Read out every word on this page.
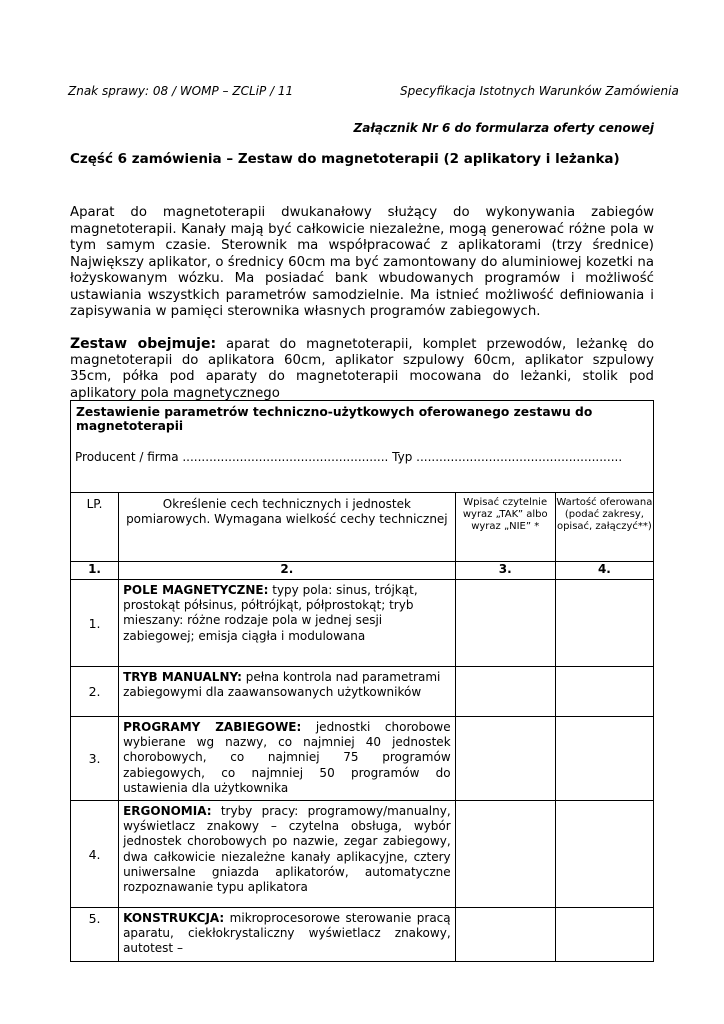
Znak sprawy: 08 / WOMP – ZCLiP / 11	Specyfikacja Istotnych Warunków Zamówienia

Załącznik Nr 6 do formularza oferty cenowej

Część 6 zamówienia – Zestaw do magnetoterapii (2 aplikatory i leżanka)

Aparat do magnetoterapii dwukanałowy służący do wykonywania zabiegów magnetoterapii. Kanały mają być całkowicie niezależne, mogą generować różne pola w tym samym czasie. Sterownik ma współpracować z aplikatorami (trzy średnice) Największy aplikator, o średnicy 60cm ma być zamontowany do aluminiowej kozetki na łożyskowanym wózku. Ma posiadać bank wbudowanych programów i możliwość ustawiania wszystkich parametrów samodzielnie. Ma istnieć możliwość definiowania i zapisywania w pamięci sterownika własnych programów zabiegowych.

Zestaw obejmuje: aparat do magnetoterapii, komplet przewodów, leżankę do magnetoterapii do aplikatora 60cm, aplikator szpulowy 60cm, aplikator szpulowy 35cm, półka pod aparaty do magnetoterapii mocowana do leżanki, stolik pod aplikatory pola magnetycznego

Zestawienie parametrów techniczno-użytkowych oferowanego zestawu do magnetoterapii

Producent / firma ...................................................... Typ ......................................................

LP.	Określenie cech technicznych i jednostek pomiarowych. Wymagana wielkość cechy technicznej	Wpisać czytelnie wyraz „TAK” albo wyraz „NIE” *	Wartość oferowana (podać zakresy, opisać, załączyć**)
1.	2.	3.	4.
1.	POLE MAGNETYCZNE: typy pola: sinus, trójkąt, prostokąt półsinus, półtrójkąt, półprostokąt; tryb mieszany: różne rodzaje pola w jednej sesji zabiegowej; emisja ciągła i modulowana		
2.	TRYB MANUALNY: pełna kontrola nad parametrami zabiegowymi dla zaawansowanych użytkowników		
3.	PROGRAMY ZABIEGOWE: jednostki chorobowe wybierane wg nazwy, co najmniej 40 jednostek chorobowych, co najmniej 75 programów zabiegowych, co najmniej 50 programów do ustawienia dla użytkownika		
4.	ERGONOMIA: tryby pracy: programowy/manualny, wyświetlacz znakowy – czytelna obsługa, wybór jednostek chorobowych po nazwie, zegar zabiegowy, dwa całkowicie niezależne kanały aplikacyjne, cztery uniwersalne gniazda aplikatorów, automatyczne rozpoznawanie typu aplikatora		
5.	KONSTRUKCJA: mikroprocesorowe sterowanie pracą aparatu, ciekłokrystaliczny wyświetlacz znakowy, autotest –		
